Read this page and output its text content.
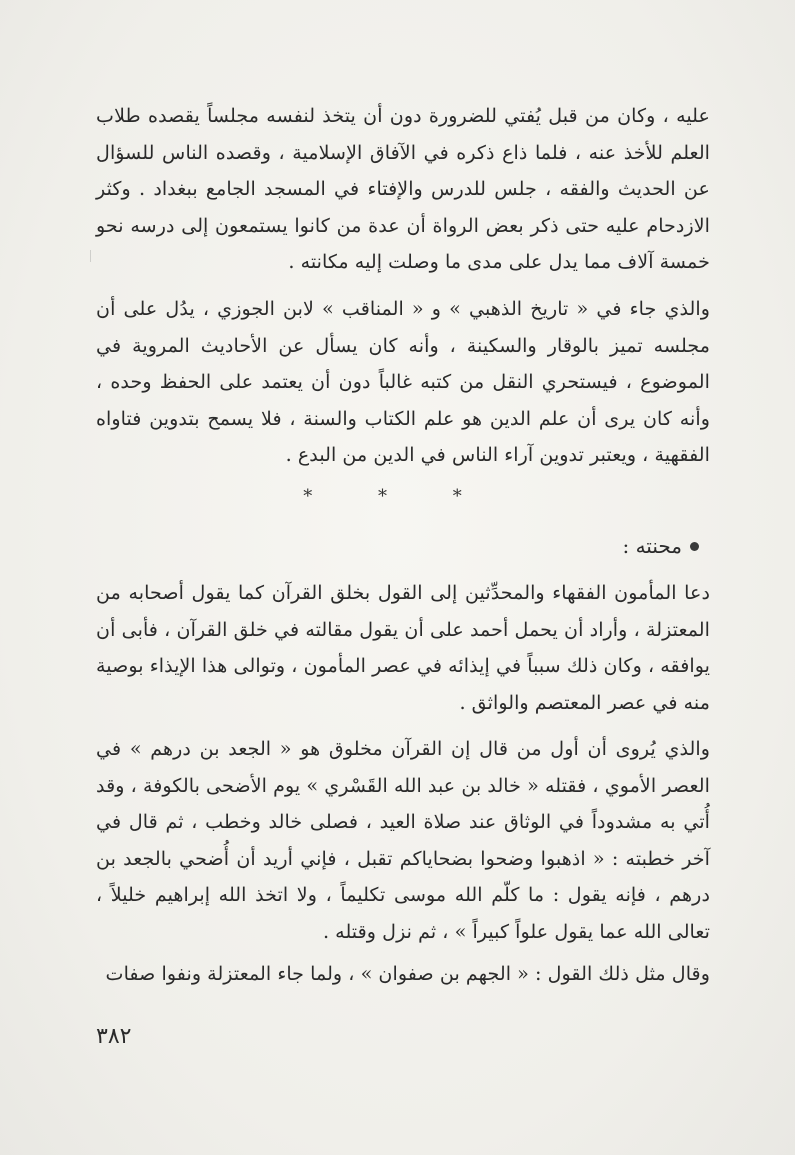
عليه ، وكان من قبل يُفتي للضرورة دون أن يتخذ لنفسه مجلساً يقصده طلاب العلم للأخذ عنه ، فلما ذاع ذكره في الآفاق الإسلامية ، وقصده الناس للسؤال عن الحديث والفقه ، جلس للدرس والإفتاء في المسجد الجامع ببغداد . وكثر الازدحام عليه حتى ذكر بعض الرواة أن عدة من كانوا يستمعون إلى درسه نحو خمسة آلاف مما يدل على مدى ما وصلت إليه مكانته .

والذي جاء في « تاريخ الذهبي » و « المناقب » لابن الجوزي ، يدُل على أن مجلسه تميز بالوقار والسكينة ، وأنه كان يسأل عن الأحاديث المروية في الموضوع ، فيستحري النقل من كتبه غالباً دون أن يعتمد على الحفظ وحده ، وأنه كان يرى أن علم الدين هو علم الكتاب والسنة ، فلا يسمح بتدوين فتاواه الفقهية ، ويعتبر تدوين آراء الناس في الدين من البدع .

* * *
محنته :

دعا المأمون الفقهاء والمحدِّثين إلى القول بخلق القرآن كما يقول أصحابه من المعتزلة ، وأراد أن يحمل أحمد على أن يقول مقالته في خلق القرآن ، فأبى أن يوافقه ، وكان ذلك سبباً في إيذائه في عصر المأمون ، وتوالى هذا الإيذاء بوصية منه في عصر المعتصم والواثق .

والذي يُروى أن أول من قال إن القرآن مخلوق هو « الجعد بن درهم » في العصر الأموي ، فقتله « خالد بن عبد الله القَسْري » يوم الأضحى بالكوفة ، وقد أُتي به مشدوداً في الوثاق عند صلاة العيد ، فصلى خالد وخطب ، ثم قال في آخر خطبته : « اذهبوا وضحوا بضحاياكم تقبل ، فإني أريد أن أُضحي بالجعد بن درهم ، فإنه يقول : ما كلّم الله موسى تكليماً ، ولا اتخذ الله إبراهيم خليلاً ، تعالى الله عما يقول علواً كبيراً » ، ثم نزل وقتله .

وقال مثل ذلك القول : « الجهم بن صفوان » ، ولما جاء المعتزلة ونفوا صفات

٣٨٢
